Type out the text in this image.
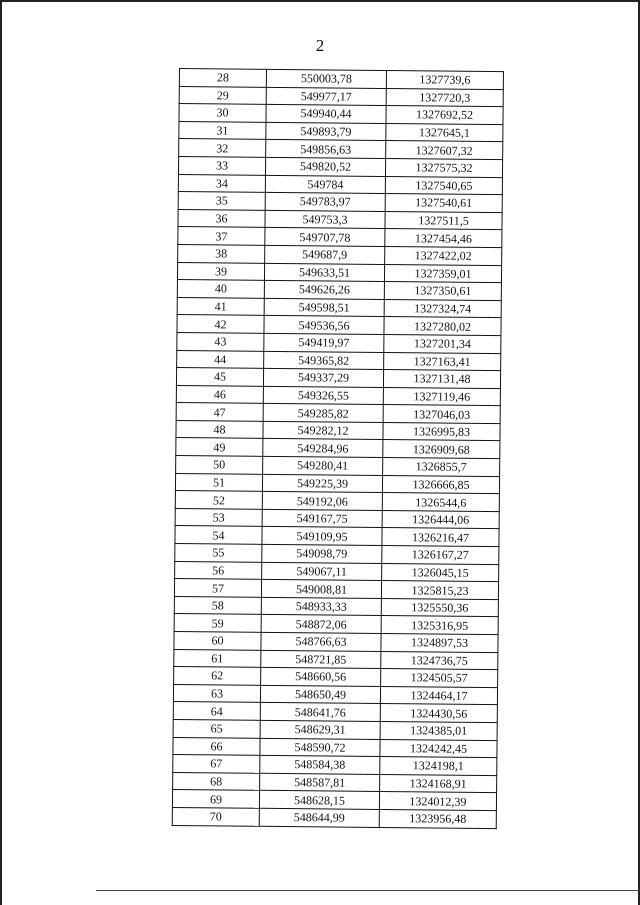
2
28	550003,78	1327739,6
29	549977,17	1327720,3
30	549940,44	1327692,52
31	549893,79	1327645,1
32	549856,63	1327607,32
33	549820,52	1327575,32
34	549784	1327540,65
35	549783,97	1327540,61
36	549753,3	1327511,5
37	549707,78	1327454,46
38	549687,9	1327422,02
39	549633,51	1327359,01
40	549626,26	1327350,61
41	549598,51	1327324,74
42	549536,56	1327280,02
43	549419,97	1327201,34
44	549365,82	1327163,41
45	549337,29	1327131,48
46	549326,55	1327119,46
47	549285,82	1327046,03
48	549282,12	1326995,83
49	549284,96	1326909,68
50	549280,41	1326855,7
51	549225,39	1326666,85
52	549192,06	1326544,6
53	549167,75	1326444,06
54	549109,95	1326216,47
55	549098,79	1326167,27
56	549067,11	1326045,15
57	549008,81	1325815,23
58	548933,33	1325550,36
59	548872,06	1325316,95
60	548766,63	1324897,53
61	548721,85	1324736,75
62	548660,56	1324505,57
63	548650,49	1324464,17
64	548641,76	1324430,56
65	548629,31	1324385,01
66	548590,72	1324242,45
67	548584,38	1324198,1
68	548587,81	1324168,91
69	548628,15	1324012,39
70	548644,99	1323956,48
